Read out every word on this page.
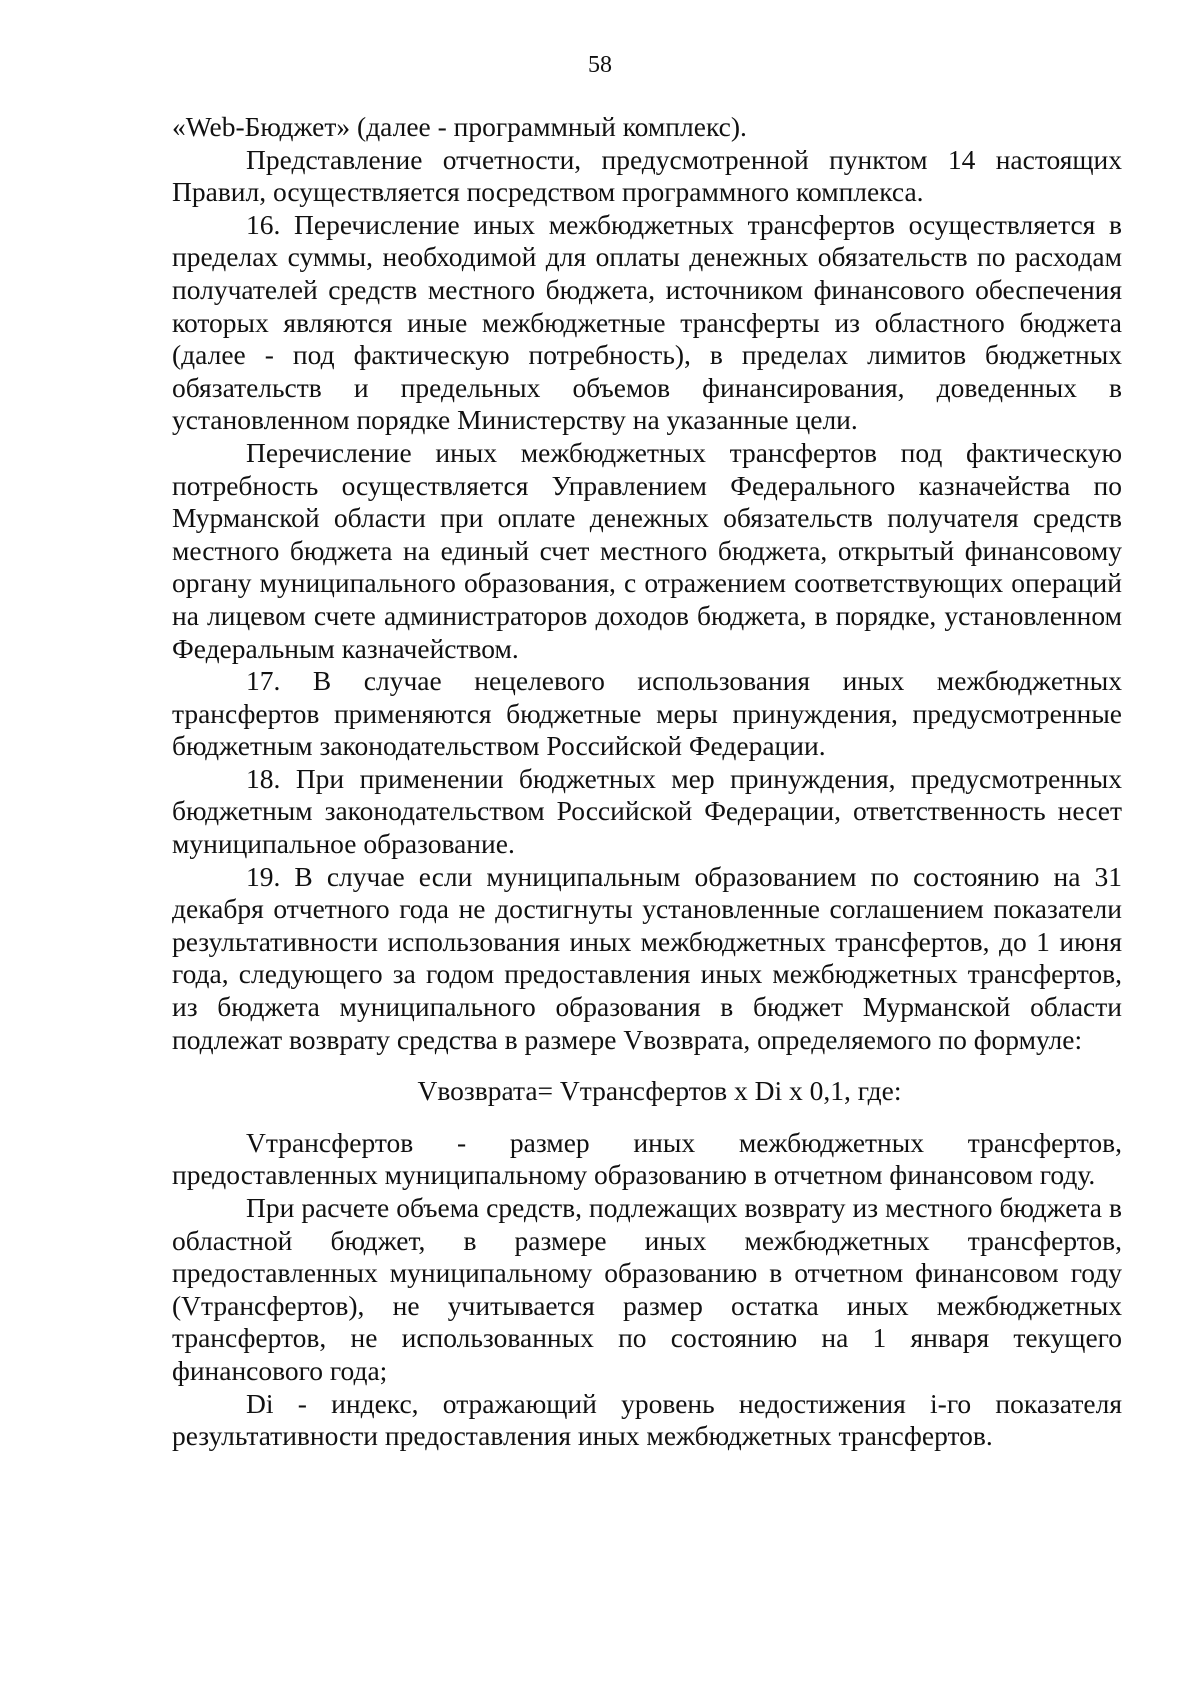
58

«Web-Бюджет» (далее - программный комплекс).

Представление отчетности, предусмотренной пунктом 14 настоящих Правил, осуществляется посредством программного комплекса.

16. Перечисление иных межбюджетных трансфертов осуществляется в пределах суммы, необходимой для оплаты денежных обязательств по расходам получателей средств местного бюджета, источником финансового обеспечения которых являются иные межбюджетные трансферты из областного бюджета (далее - под фактическую потребность), в пределах лимитов бюджетных обязательств и предельных объемов финансирования, доведенных в установленном порядке Министерству на указанные цели.

Перечисление иных межбюджетных трансфертов под фактическую потребность осуществляется Управлением Федерального казначейства по Мурманской области при оплате денежных обязательств получателя средств местного бюджета на единый счет местного бюджета, открытый финансовому органу муниципального образования, с отражением соответствующих операций на лицевом счете администраторов доходов бюджета, в порядке, установленном Федеральным казначейством.

17. В случае нецелевого использования иных межбюджетных трансфертов применяются бюджетные меры принуждения, предусмотренные бюджетным законодательством Российской Федерации.

18. При применении бюджетных мер принуждения, предусмотренных бюджетным законодательством Российской Федерации, ответственность несет муниципальное образование.

19. В случае если муниципальным образованием по состоянию на 31 декабря отчетного года не достигнуты установленные соглашением показатели результативности использования иных межбюджетных трансфертов, до 1 июня года, следующего за годом предоставления иных межбюджетных трансфертов, из бюджета муниципального образования в бюджет Мурманской области подлежат возврату средства в размере Vвозврата, определяемого по формуле:

Vвозврата= Vтрансфертов x Di x 0,1, где:

Vтрансфертов - размер иных межбюджетных трансфертов, предоставленных муниципальному образованию в отчетном финансовом году.

При расчете объема средств, подлежащих возврату из местного бюджета в областной бюджет, в размере иных межбюджетных трансфертов, предоставленных муниципальному образованию в отчетном финансовом году (Vтрансфертов), не учитывается размер остатка иных межбюджетных трансфертов, не использованных по состоянию на 1 января текущего финансового года;

Di - индекс, отражающий уровень недостижения i-го показателя результативности предоставления иных межбюджетных трансфертов.
